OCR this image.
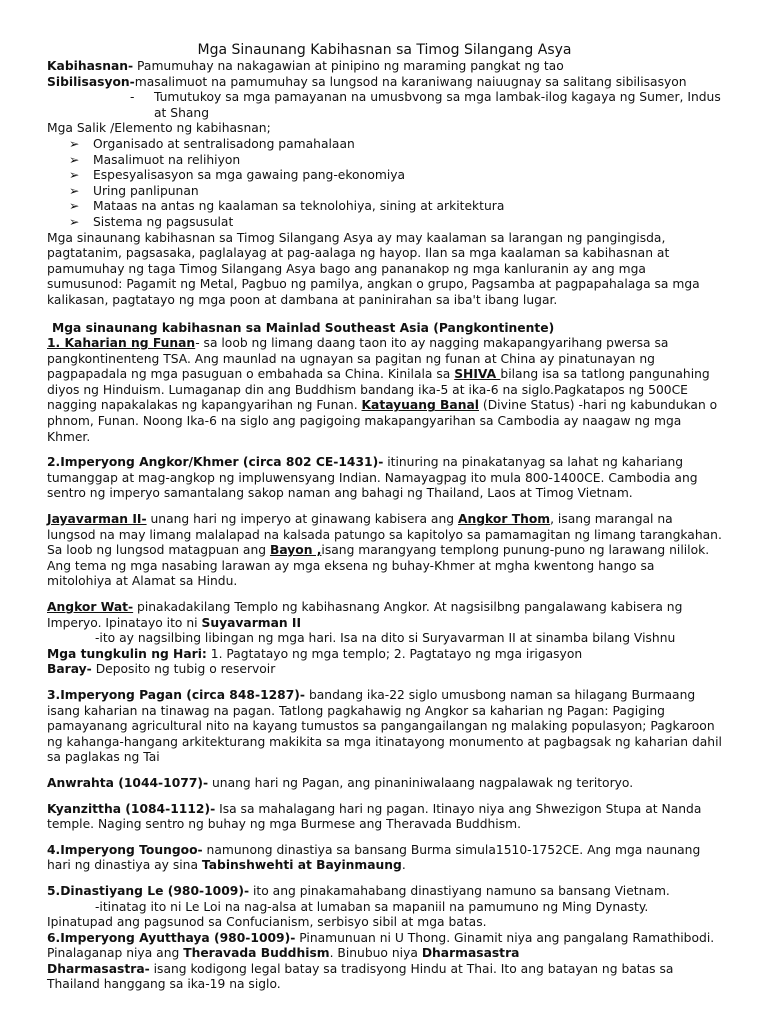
Mga Sinaunang Kabihasnan sa Timog Silangang Asya

Kabihasnan- Pamumuhay na nakagawian at pinipino ng maraming pangkat ng tao

Sibilisasyon-masalimuot na pamumuhay sa lungsod na karaniwang naiuugnay sa salitang sibilisasyon

-	Tumutukoy sa mga pamayanan na umusbvong sa mga lambak-ilog kagaya ng Sumer, Indus at Shang

Mga Salik /Elemento ng kabihasnan;

➢ Organisado at sentralisadong pamahalaan
➢ Masalimuot na relihiyon
➢ Espesyalisasyon sa mga gawaing pang-ekonomiya
➢ Uring panlipunan
➢ Mataas na antas ng kaalaman sa teknolohiya, sining at arkitektura
➢ Sistema ng pagsusulat

Mga sinaunang kabihasnan sa Timog Silangang Asya ay may kaalaman sa larangan ng pangingisda, pagtatanim, pagsasaka, paglalayag at pag-aalaga ng hayop. Ilan sa mga kaalaman sa kabihasnan at pamumuhay ng taga Timog Silangang Asya bago ang pananakop ng mga kanluranin ay ang mga sumusunod: Pagamit ng Metal, Pagbuo ng pamilya, angkan o grupo, Pagsamba at pagpapahalaga sa mga kalikasan, pagtatayo ng mga poon at dambana at paninirahan sa iba't ibang lugar.

Mga sinaunang kabihasnan sa Mainlad Southeast Asia (Pangkontinente)

1. Kaharian ng Funan- sa loob ng limang daang taon ito ay nagging makapangyarihang pwersa sa pangkontinenteng TSA. Ang maunlad na ugnayan sa pagitan ng funan at China ay pinatunayan ng pagpapadala ng mga pasuguan o embahada sa China. Kinilala sa SHIVA bilang isa sa tatlong pangunahing diyos ng Hinduism. Lumaganap din ang Buddhism bandang ika-5 at ika-6 na siglo.Pagkatapos ng 500CE nagging napakalakas ng kapangyarihan ng Funan. Katayuang Banal (Divine Status) -hari ng kabundukan o phnom, Funan. Noong Ika-6 na siglo ang pagigoing makapangyarihan sa Cambodia ay naagaw ng mga Khmer.

2.Imperyong Angkor/Khmer (circa 802 CE-1431)- itinuring na pinakatanyag sa lahat ng kahariang tumanggap at mag-angkop ng impluwensyang Indian. Namayagpag ito mula 800-1400CE. Cambodia ang sentro ng imperyo samantalang sakop naman ang bahagi ng Thailand, Laos at Timog Vietnam.

Jayavarman II- unang hari ng imperyo at ginawang kabisera ang Angkor Thom, isang marangal na lungsod na may limang malalapad na kalsada patungo sa kapitolyo sa pamamagitan ng limang tarangkahan. Sa loob ng lungsod matagpuan ang Bayon ,isang marangyang templong punung-puno ng larawang nililok. Ang tema ng mga nasabing larawan ay mga eksena ng buhay-Khmer at mgha kwentong hango sa mitolohiya at Alamat sa Hindu.

Angkor Wat- pinakadakilang Templo ng kabihasnang Angkor. At nagsisilbng pangalawang kabisera ng Imperyo. Ipinatayo ito ni Suyavarman II

-ito ay nagsilbing libingan ng mga hari. Isa na dito si Suryavarman II at sinamba bilang Vishnu

Mga tungkulin ng Hari: 1. Pagtatayo ng mga templo; 2. Pagtatayo ng mga irigasyon

Baray- Deposito ng tubig o reservoir

3.Imperyong Pagan (circa 848-1287)- bandang ika-22 siglo umusbong naman sa hilagang Burmaang isang kaharian na tinawag na pagan. Tatlong pagkahawig ng Angkor sa kaharian ng Pagan: Pagiging pamayanang agricultural nito na kayang tumustos sa pangangailangan ng malaking populasyon; Pagkaroon ng kahanga-hangang arkitekturang makikita sa mga itinatayong monumento at pagbagsak ng kaharian dahil sa paglakas ng Tai

Anwrahta (1044-1077)- unang hari ng Pagan, ang pinaniniwalaang nagpalawak ng teritoryo.

Kyanzittha (1084-1112)- Isa sa mahalagang hari ng pagan. Itinayo niya ang Shwezigon Stupa at Nanda temple. Naging sentro ng buhay ng mga Burmese ang Theravada Buddhism.

4.Imperyong Toungoo- namunong dinastiya sa bansang Burma simula1510-1752CE. Ang mga naunang hari ng dinastiya ay sina Tabinshwehti at Bayinmaung.

5.Dinastiyang Le (980-1009)- ito ang pinakamahabang dinastiyang namuno sa bansang Vietnam.

-itinatag ito ni Le Loi na nag-alsa at lumaban sa mapaniil na pamumuno ng Ming Dynasty.

Ipinatupad ang pagsunod sa Confucianism, serbisyo sibil at mga batas.

6.Imperyong Ayutthaya (980-1009)- Pinamunuan ni U Thong. Ginamit niya ang pangalang Ramathibodi. Pinalaganap niya ang Theravada Buddhism. Binubuo niya Dharmasastra

Dharmasastra- isang kodigong legal batay sa tradisyong Hindu at Thai. Ito ang batayan ng batas sa Thailand hanggang sa ika-19 na siglo.
